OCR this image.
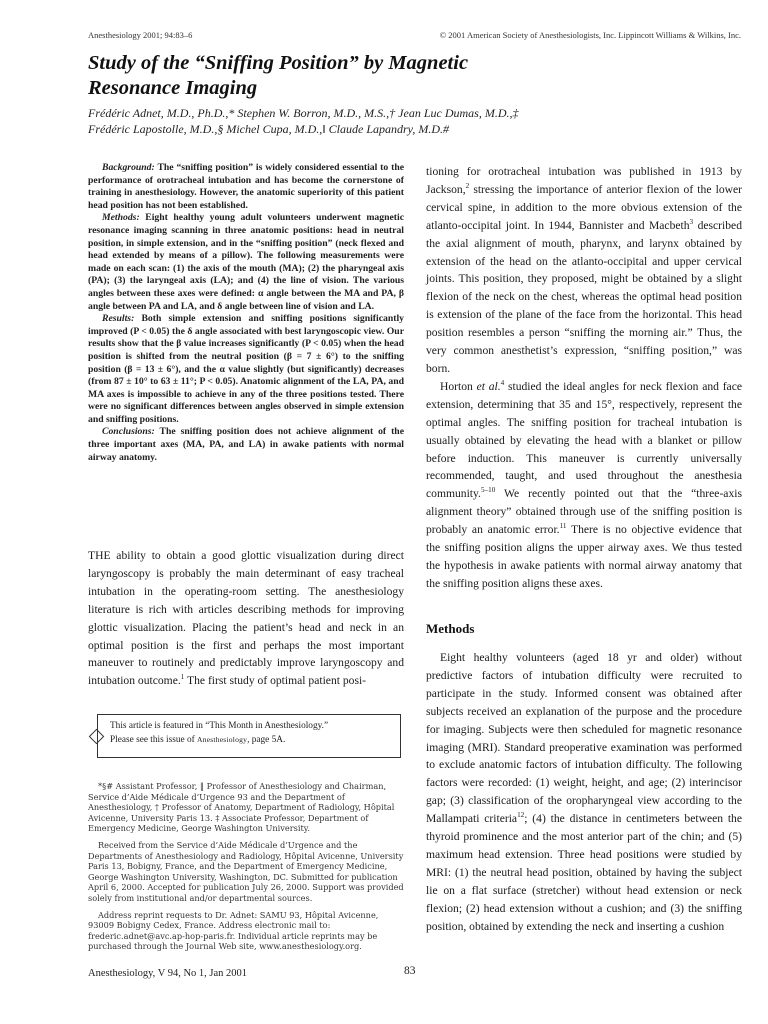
Anesthesiology 2001; 94:83–6	© 2001 American Society of Anesthesiologists, Inc. Lippincott Williams & Wilkins, Inc.
Study of the “Sniffing Position” by Magnetic
Resonance Imaging
Frédéric Adnet, M.D., Ph.D.,* Stephen W. Borron, M.D., M.S.,† Jean Luc Dumas, M.D.,‡
Frédéric Lapostolle, M.D.,§ Michel Cupa, M.D.,‖ Claude Lapandry, M.D.#

Background: The “sniffing position” is widely considered essential to the performance of orotracheal intubation and has become the cornerstone of training in anesthesiology. However, the anatomic superiority of this patient head position has not been established.

Methods: Eight healthy young adult volunteers underwent magnetic resonance imaging scanning in three anatomic positions: head in neutral position, in simple extension, and in the “sniffing position” (neck flexed and head extended by means of a pillow). The following measurements were made on each scan: (1) the axis of the mouth (MA); (2) the pharyngeal axis (PA); (3) the laryngeal axis (LA); and (4) the line of vision. The various angles between these axes were defined: α angle between the MA and PA, β angle between PA and LA, and δ angle between line of vision and LA.

Results: Both simple extension and sniffing positions significantly improved (P < 0.05) the δ angle associated with best laryngoscopic view. Our results show that the β value increases significantly (P < 0.05) when the head position is shifted from the neutral position (β = 7 ± 6°) to the sniffing position (β = 13 ± 6°), and the α value slightly (but significantly) decreases (from 87 ± 10° to 63 ± 11°; P < 0.05). Anatomic alignment of the LA, PA, and MA axes is impossible to achieve in any of the three positions tested. There were no significant differences between angles observed in simple extension and sniffing positions.

Conclusions: The sniffing position does not achieve alignment of the three important axes (MA, PA, and LA) in awake patients with normal airway anatomy.

THE ability to obtain a good glottic visualization during direct laryngoscopy is probably the main determinant of easy tracheal intubation in the operating-room setting. The anesthesiology literature is rich with articles describing methods for improving glottic visualization. Placing the patient’s head and neck in an optimal position is the first and perhaps the most important maneuver to routinely and predictably improve laryngoscopy and intubation outcome.$^1$ The first study of optimal patient posi-

This article is featured in “This Month in Anesthesiology.”
Please see this issue of Anesthesiology, page 5A.

*§# Assistant Professor, ‖ Professor of Anesthesiology and Chairman, Service d’Aide Médicale d’Urgence 93 and the Department of Anesthesiology, † Professor of Anatomy, Department of Radiology, Hôpital Avicenne, University Paris 13. ‡ Associate Professor, Department of Emergency Medicine, George Washington University.

Received from the Service d’Aide Médicale d’Urgence and the Departments of Anesthesiology and Radiology, Hôpital Avicenne, University Paris 13, Bobigny, France, and the Department of Emergency Medicine, George Washington University, Washington, DC. Submitted for publication April 6, 2000. Accepted for publication July 26, 2000. Support was provided solely from institutional and/or departmental sources.

Address reprint requests to Dr. Adnet: SAMU 93, Hôpital Avicenne, 93009 Bobigny Cedex, France. Address electronic mail to: frederic.adnet@avc.ap-hop-paris.fr. Individual article reprints may be purchased through the Journal Web site, www.anesthesiology.org.

tioning for orotracheal intubation was published in 1913 by Jackson,$^2$ stressing the importance of anterior flexion of the lower cervical spine, in addition to the more obvious extension of the atlanto-occipital joint. In 1944, Bannister and Macbeth$^3$ described the axial alignment of mouth, pharynx, and larynx obtained by extension of the head on the atlanto-occipital and upper cervical joints. This position, they proposed, might be obtained by a slight flexion of the neck on the chest, whereas the optimal head position is extension of the plane of the face from the horizontal. This head position resembles a person “sniffing the morning air.” Thus, the very common anesthetist’s expression, “sniffing position,” was born.

Horton et al.$^4$ studied the ideal angles for neck flexion and face extension, determining that 35 and 15°, respectively, represent the optimal angles. The sniffing position for tracheal intubation is usually obtained by elevating the head with a blanket or pillow before induction. This maneuver is currently universally recommended, taught, and used throughout the anesthesia community.$^{5-10}$ We recently pointed out that the “three-axis alignment theory” obtained through use of the sniffing position is probably an anatomic error.$^{11}$ There is no objective evidence that the sniffing position aligns the upper airway axes. We thus tested the hypothesis in awake patients with normal airway anatomy that the sniffing position aligns these axes.

Methods

Eight healthy volunteers (aged 18 yr and older) without predictive factors of intubation difficulty were recruited to participate in the study. Informed consent was obtained after subjects received an explanation of the purpose and the procedure for imaging. Subjects were then scheduled for magnetic resonance imaging (MRI). Standard preoperative examination was performed to exclude anatomic factors of intubation difficulty. The following factors were recorded: (1) weight, height, and age; (2) interincisor gap; (3) classification of the oropharyngeal view according to the Mallampati criteria$^{12}$; (4) the distance in centimeters between the thyroid prominence and the most anterior part of the chin; and (5) maximum head extension. Three head positions were studied by MRI: (1) the neutral head position, obtained by having the subject lie on a flat surface (stretcher) without head extension or neck flexion; (2) head extension without a cushion; and (3) the sniffing position, obtained by extending the neck and inserting a cushion

Anesthesiology, V 94, No 1, Jan 2001	83
